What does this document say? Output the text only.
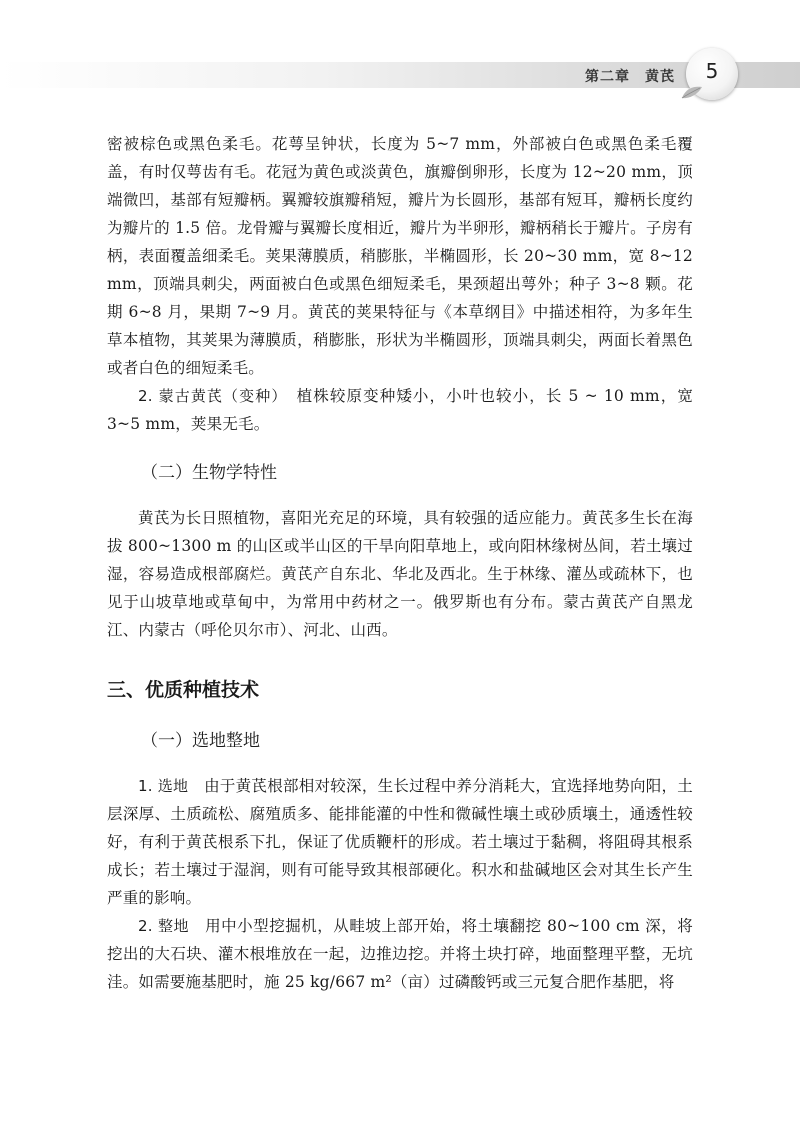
第二章　黄芪	5

密被棕色或黑色柔毛。花萼呈钟状，长度为 5~7 mm，外部被白色或黑色柔毛覆盖，有时仅萼齿有毛。花冠为黄色或淡黄色，旗瓣倒卵形，长度为 12~20 mm，顶端微凹，基部有短瓣柄。翼瓣较旗瓣稍短，瓣片为长圆形，基部有短耳，瓣柄长度约为瓣片的 1.5 倍。龙骨瓣与翼瓣长度相近，瓣片为半卵形，瓣柄稍长于瓣片。子房有柄，表面覆盖细柔毛。荚果薄膜质，稍膨胀，半椭圆形，长 20~30 mm，宽 8~12 mm，顶端具刺尖，两面被白色或黑色细短柔毛，果颈超出萼外；种子 3~8 颗。花期 6~8 月，果期 7~9 月。黄芪的荚果特征与《本草纲目》中描述相符，为多年生草本植物，其荚果为薄膜质，稍膨胀，形状为半椭圆形，顶端具刺尖，两面长着黑色或者白色的细短柔毛。

2. 蒙古黄芪（变种）　 植株较原变种矮小，小叶也较小，长 5 ~ 10 mm，宽 3~5 mm，荚果无毛。

（二）生物学特性

黄芪为长日照植物，喜阳光充足的环境，具有较强的适应能力。黄芪多生长在海拔 800~1300 m 的山区或半山区的干旱向阳草地上，或向阳林缘树丛间，若土壤过湿，容易造成根部腐烂。黄芪产自东北、华北及西北。生于林缘、灌丛或疏林下，也见于山坡草地或草甸中，为常用中药材之一。俄罗斯也有分布。蒙古黄芪产自黑龙江、内蒙古（呼伦贝尔市）、河北、山西。

三、优质种植技术
（一）选地整地

1. 选地　 由于黄芪根部相对较深，生长过程中养分消耗大，宜选择地势向阳，土层深厚、土质疏松、腐殖质多、能排能灌的中性和微碱性壤土或砂质壤土，通透性较好，有利于黄芪根系下扎，保证了优质鞭杆的形成。若土壤过于黏稠，将阻碍其根系成长；若土壤过于湿润，则有可能导致其根部硬化。积水和盐碱地区会对其生长产生严重的影响。

2. 整地　 用中小型挖掘机，从畦坡上部开始，将土壤翻挖 80~100 cm 深，将挖出的大石块、灌木根堆放在一起，边推边挖。并将土块打碎，地面整理平整，无坑洼。如需要施基肥时，施 25 kg/667 m²（亩）过磷酸钙或三元复合肥作基肥，将
